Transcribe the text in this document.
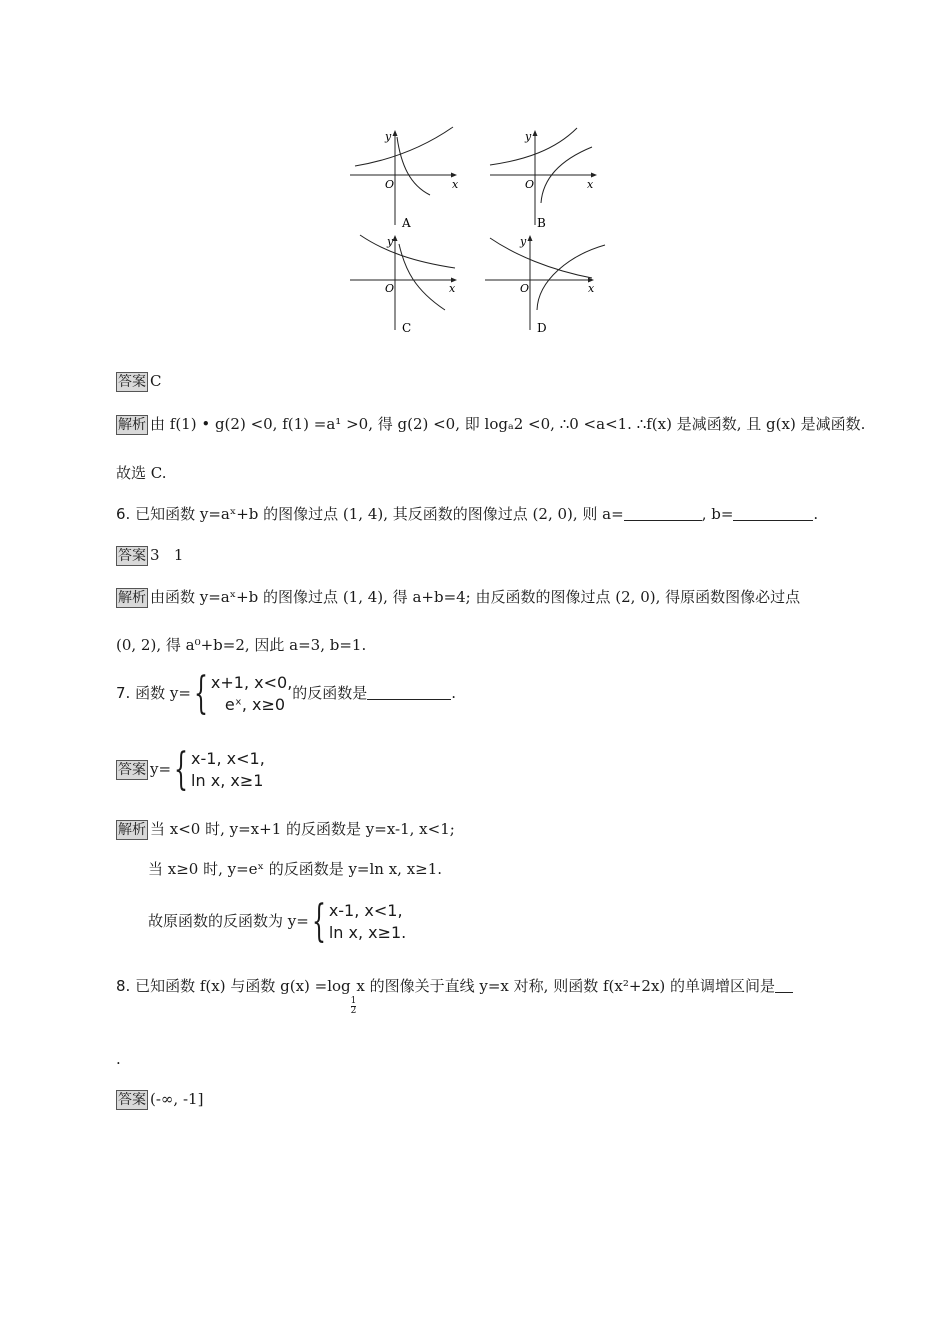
y
x
O
A
y
x
O
B
y
x
O
C
y
x
O
D
答案 C
解析 由 f(1) • g(2) <0, f(1) =a¹ >0, 得 g(2) <0, 即 logₐ2 <0, ∴0 <a<1. ∴f(x) 是减函数, 且 g(x) 是减函数.
故选 C.
6. 已知函数 y=aˣ+b 的图像过点 (1, 4), 其反函数的图像过点 (2, 0), 则 a=	, b=	.
答案 3   1
解析 由函数 y=aˣ+b 的图像过点 (1, 4), 得 a+b=4; 由反函数的图像过点 (2, 0), 得原函数图像必过点
(0, 2), 得 a⁰+b=2, 因此 a=3, b=1.
7. 函数 y= { x+1, x<0,
eˣ, x≥0
的反函数是	.
答案 y= { x-1, x<1,
ln x, x≥1
解析 当 x<0 时, y=x+1 的反函数是 y=x-1, x<1;
当 x≥0 时, y=eˣ 的反函数是 y=ln x, x≥1.
故原函数的反函数为 y= { x-1, x<1,
ln x, x≥1.
8. 已知函数 f(x) 与函数 g(x) =log
$\frac{1}{2}$
x 的图像关于直线 y=x 对称, 则函数 f(x²+2x) 的单调增区间是
.
答案 (-∞, -1]
